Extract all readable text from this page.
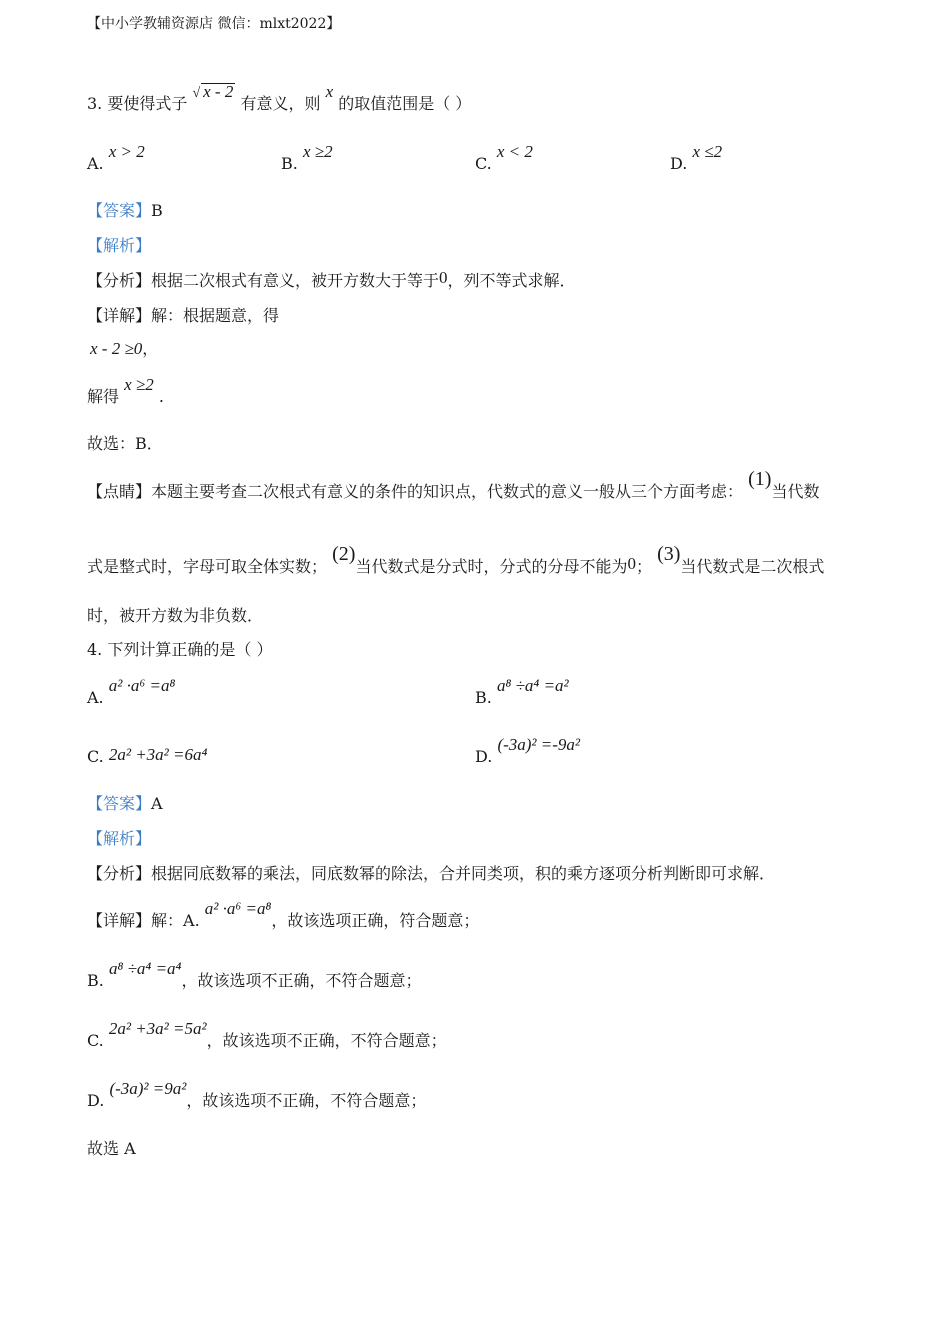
【中小学教辅资源店 微信：mlxt2022】
3. 要使得式子 √ x - 2 有意义，则 x 的取值范围是（ ）
A. x > 2
B. x ≥2
C. x < 2
D. x ≤2
【答案】B
【解析】
【分析】根据二次根式有意义，被开方数大于等于0，列不等式求解．
【详解】解：根据题意，得
x - 2 ≥0，
解得 x ≥2 .
故选：B．
【点睛】本题主要考查二次根式有意义的条件的知识点，代数式的意义一般从三个方面考虑： (1)当代数
式是整式时，字母可取全体实数； (2)当代数式是分式时，分式的分母不能为0； (3)当代数式是二次根式
时，被开方数为非负数．
4. 下列计算正确的是（ ）
A. a² ·a⁶ =a⁸
B. a⁸ ÷a⁴ =a²
C. 2a² +3a² =6a⁴	D. (-3a)² =-9a²
【答案】A
【解析】
【分析】根据同底数幂的乘法，同底数幂的除法，合并同类项，积的乘方逐项分析判断即可求解．
【详解】解：A. a² ·a⁶ =a⁸，故该选项正确，符合题意；
B. a⁸ ÷a⁴ =a⁴，故该选项不正确，不符合题意；
C. 2a² +3a² =5a²，故该选项不正确，不符合题意；
D. (-3a)² =9a²，故该选项不正确，不符合题意；
故选 A
